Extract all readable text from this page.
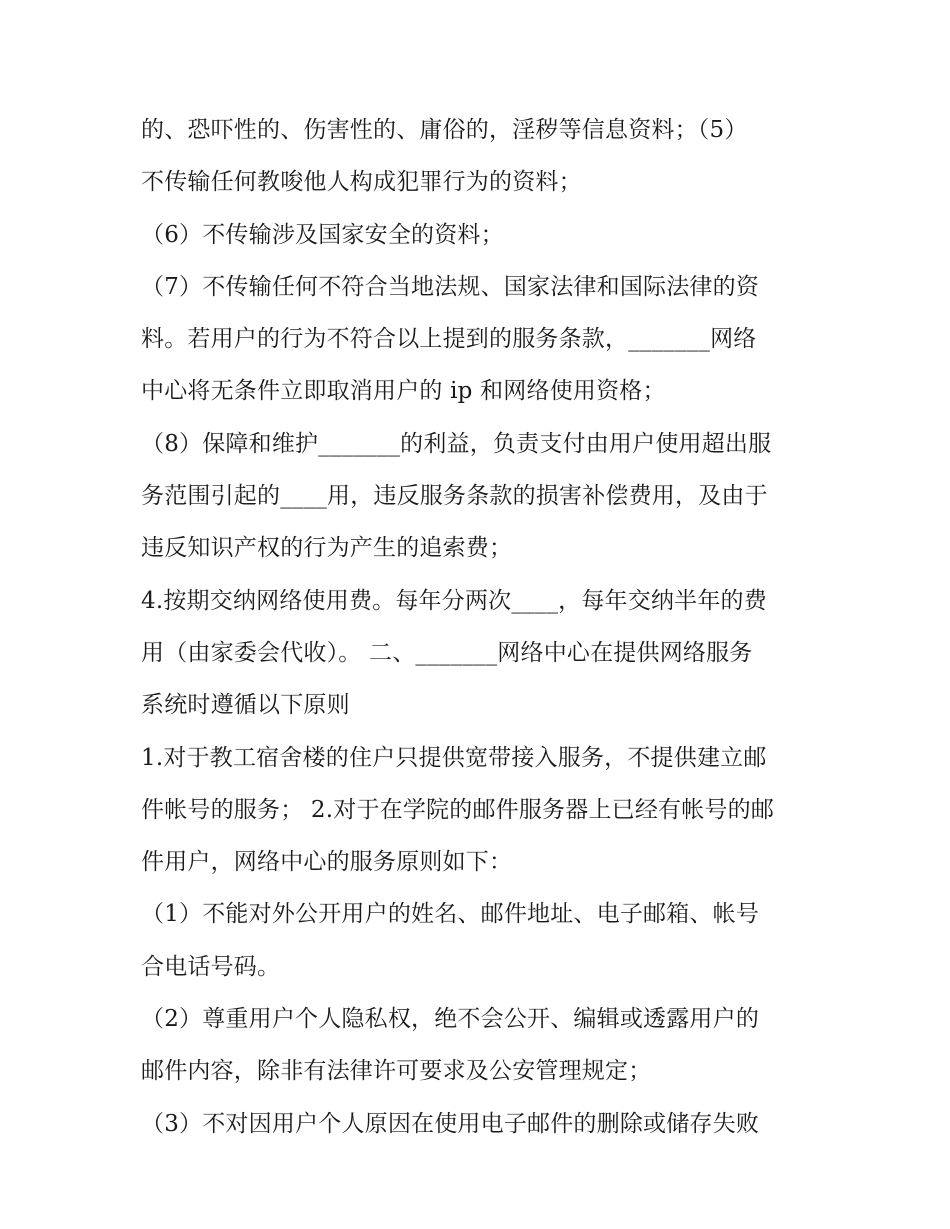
的、恐吓性的、伤害性的、庸俗的，淫秽等信息资料；（5）
不传输任何教唆他人构成犯罪行为的资料；
（6）不传输涉及国家安全的资料；
（7）不传输任何不符合当地法规、国家法律和国际法律的资
料。若用户的行为不符合以上提到的服务条款，_______网络
中心将无条件立即取消用户的 ip 和网络使用资格；
（8）保障和维护_______的利益，负责支付由用户使用超出服
务范围引起的____用，违反服务条款的损害补偿费用，及由于
违反知识产权的行为产生的追索费；
4.按期交纳网络使用费。每年分两次____，每年交纳半年的费
用（由家委会代收）。 二、_______网络中心在提供网络服务
系统时遵循以下原则
1.对于教工宿舍楼的住户只提供宽带接入服务，不提供建立邮
件帐号的服务； 2.对于在学院的邮件服务器上已经有帐号的邮
件用户，网络中心的服务原则如下：
（1）不能对外公开用户的姓名、邮件地址、电子邮箱、帐号
合电话号码。
（2）尊重用户个人隐私权，绝不会公开、编辑或透露用户的
邮件内容，除非有法律许可要求及公安管理规定；
（3）不对因用户个人原因在使用电子邮件的删除或储存失败
